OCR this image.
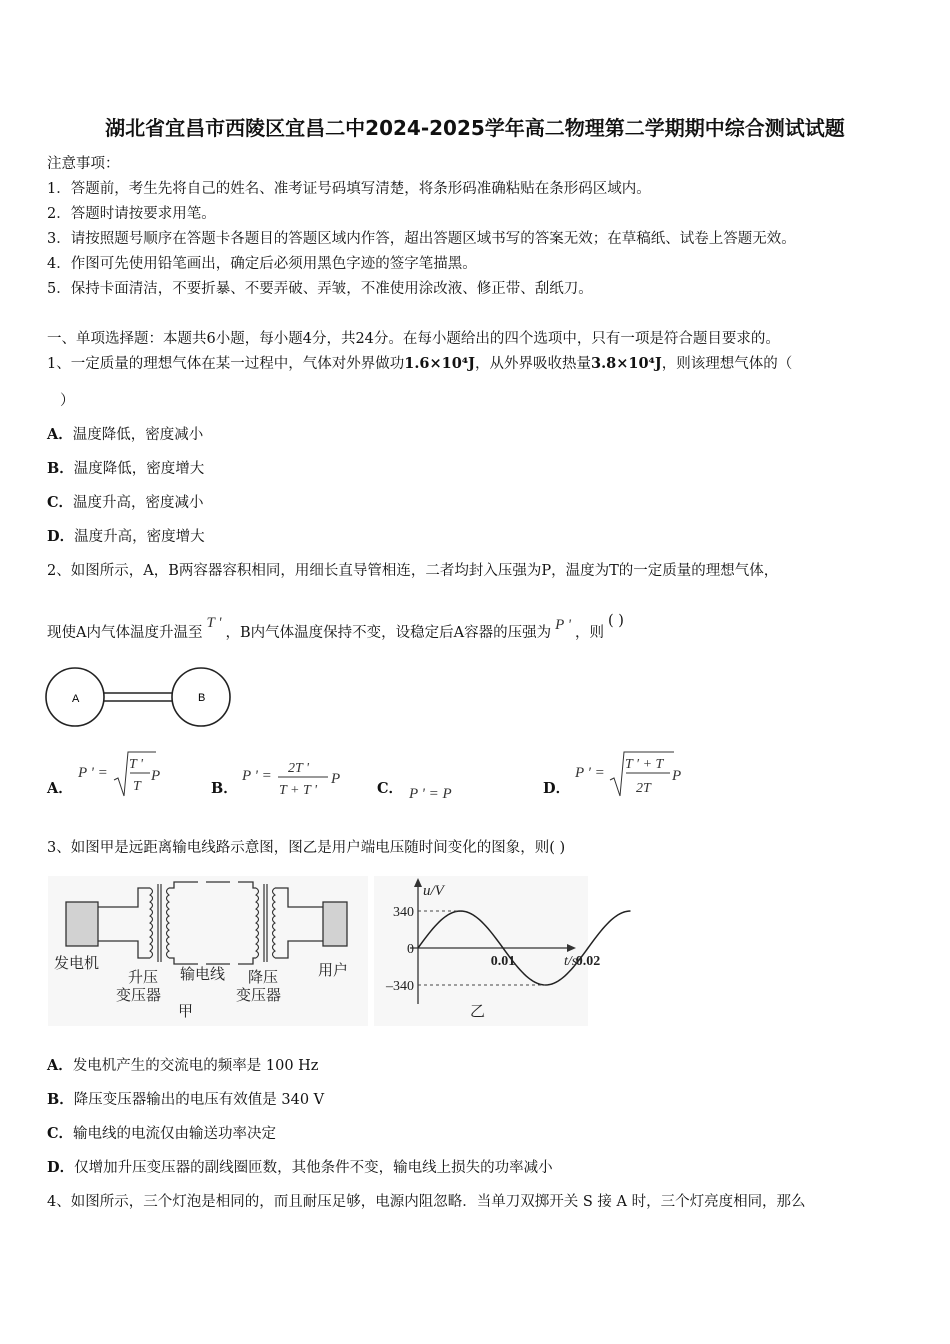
湖北省宜昌市西陵区宜昌二中2024-2025学年高二物理第二学期期中综合测试试题
注意事项：
1．答题前，考生先将自己的姓名、准考证号码填写清楚，将条形码准确粘贴在条形码区域内。
2．答题时请按要求用笔。
3．请按照题号顺序在答题卡各题目的答题区域内作答，超出答题区域书写的答案无效；在草稿纸、试卷上答题无效。
4．作图可先使用铅笔画出，确定后必须用黑色字迹的签字笔描黑。
5．保持卡面清洁，不要折暴、不要弄破、弄皱，不准使用涂改液、修正带、刮纸刀。
一、单项选择题：本题共6小题，每小题4分，共24分。在每小题给出的四个选项中，只有一项是符合题目要求的。
1、一定质量的理想气体在某一过程中，气体对外界做功1.6×10⁴J，从外界吸收热量3.8×10⁴J，则该理想气体的（
）
A．温度降低，密度减小
B．温度降低，密度增大
C．温度升高，密度减小
D．温度升高，密度增大
2、如图所示，A，B两容器容积相同，用细长直导管相连，二者均封入压强为P，温度为T的一定质量的理想气体，
现使A内气体温度升温至T '，B内气体温度保持不变，设稳定后A容器的压强为 P ' ，则( )
A	B
A．
P ' =
T '
T
P
B．
P ' = 2T '
T + T '
P
C． P ' = P	D．
P ′ =
T ′ + T
2T
P
3、如图甲是远距离输电线路示意图，图乙是用户端电压随时间变化的图象，则( )
发电机
升压
变压器
输电线 降压
变压器
用户
甲
u/V
t/s
340
0
–340
0.01	0.02
乙
A．发电机产生的交流电的频率是 100 Hz
B．降压变压器输出的电压有效值是 340 V
C．输电线的电流仅由输送功率决定
D．仅增加升压变压器的副线圈匝数，其他条件不变，输电线上损失的功率减小
4、如图所示，三个灯泡是相同的，而且耐压足够，电源内阻忽略．当单刀双掷开关 S 接 A 时，三个灯亮度相同，那么
